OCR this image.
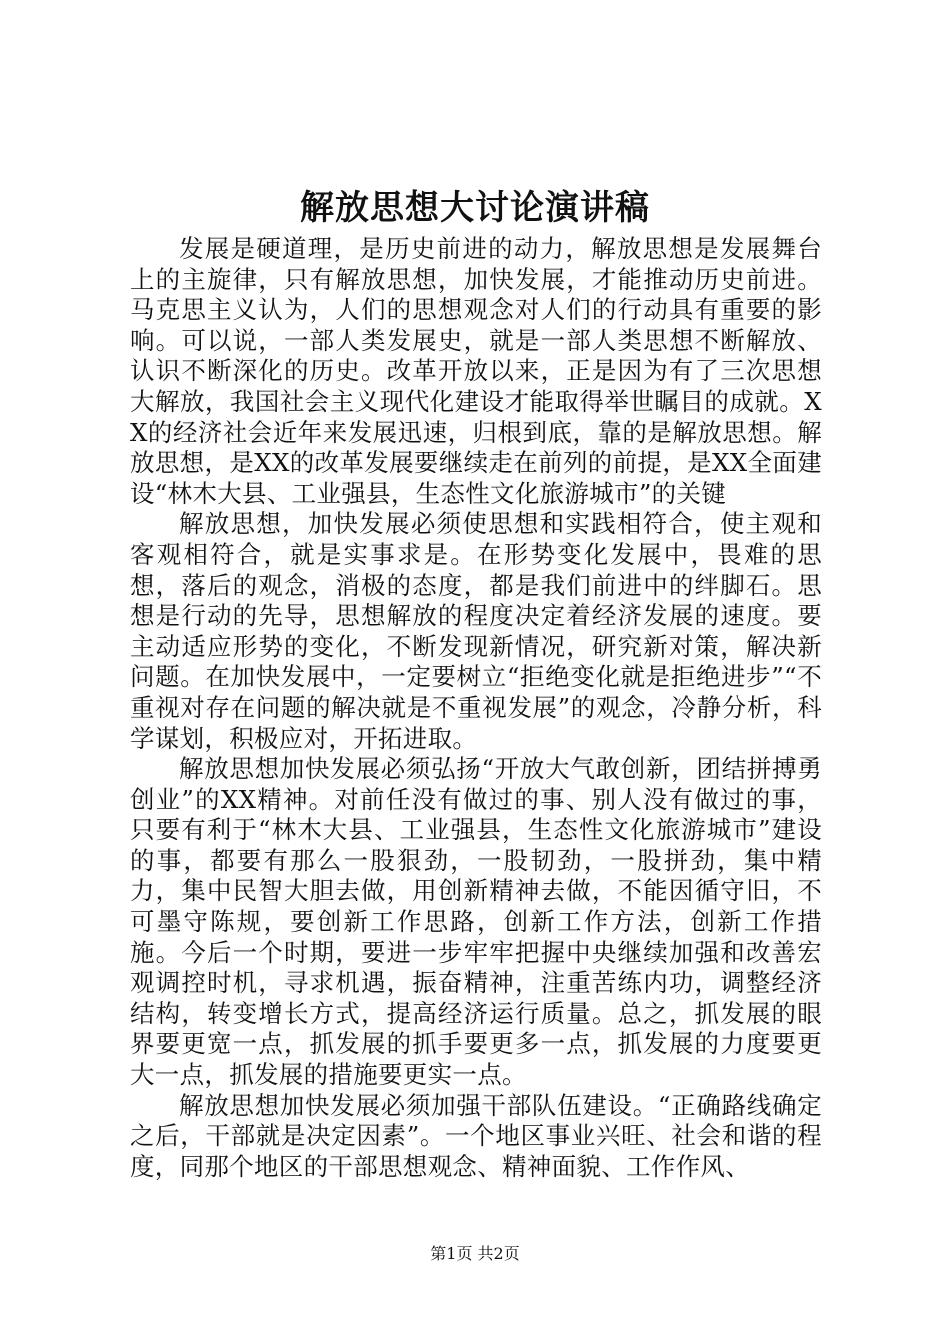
解放思想大讨论演讲稿

发展是硬道理，是历史前进的动力，解放思想是发展舞台上的主旋律，只有解放思想，加快发展，才能推动历史前进。马克思主义认为，人们的思想观念对人们的行动具有重要的影响。可以说，一部人类发展史，就是一部人类思想不断解放、认识不断深化的历史。改革开放以来，正是因为有了三次思想大解放，我国社会主义现代化建设才能取得举世瞩目的成就。XX的经济社会近年来发展迅速，归根到底，靠的是解放思想。解放思想，是XX的改革发展要继续走在前列的前提，是XX全面建设“林木大县、工业强县，生态性文化旅游城市”的关键

解放思想，加快发展必须使思想和实践相符合，使主观和客观相符合，就是实事求是。在形势变化发展中，畏难的思想，落后的观念，消极的态度，都是我们前进中的绊脚石。思想是行动的先导，思想解放的程度决定着经济发展的速度。要主动适应形势的变化，不断发现新情况，研究新对策，解决新问题。在加快发展中，一定要树立“拒绝变化就是拒绝进步”“不重视对存在问题的解决就是不重视发展”的观念，冷静分析，科学谋划，积极应对，开拓进取。

解放思想加快发展必须弘扬“开放大气敢创新，团结拼搏勇创业”的XX精神。对前任没有做过的事、别人没有做过的事，只要有利于“林木大县、工业强县，生态性文化旅游城市”建设的事，都要有那么一股狠劲，一股韧劲，一股拼劲，集中精力，集中民智大胆去做，用创新精神去做，不能因循守旧，不可墨守陈规，要创新工作思路，创新工作方法，创新工作措施。今后一个时期，要进一步牢牢把握中央继续加强和改善宏观调控时机，寻求机遇，振奋精神，注重苦练内功，调整经济结构，转变增长方式，提高经济运行质量。总之，抓发展的眼界要更宽一点，抓发展的抓手要更多一点，抓发展的力度要更大一点，抓发展的措施要更实一点。

解放思想加快发展必须加强干部队伍建设。“正确路线确定之后，干部就是决定因素”。一个地区事业兴旺、社会和谐的程度，同那个地区的干部思想观念、精神面貌、工作作风、

第1页 共2页
